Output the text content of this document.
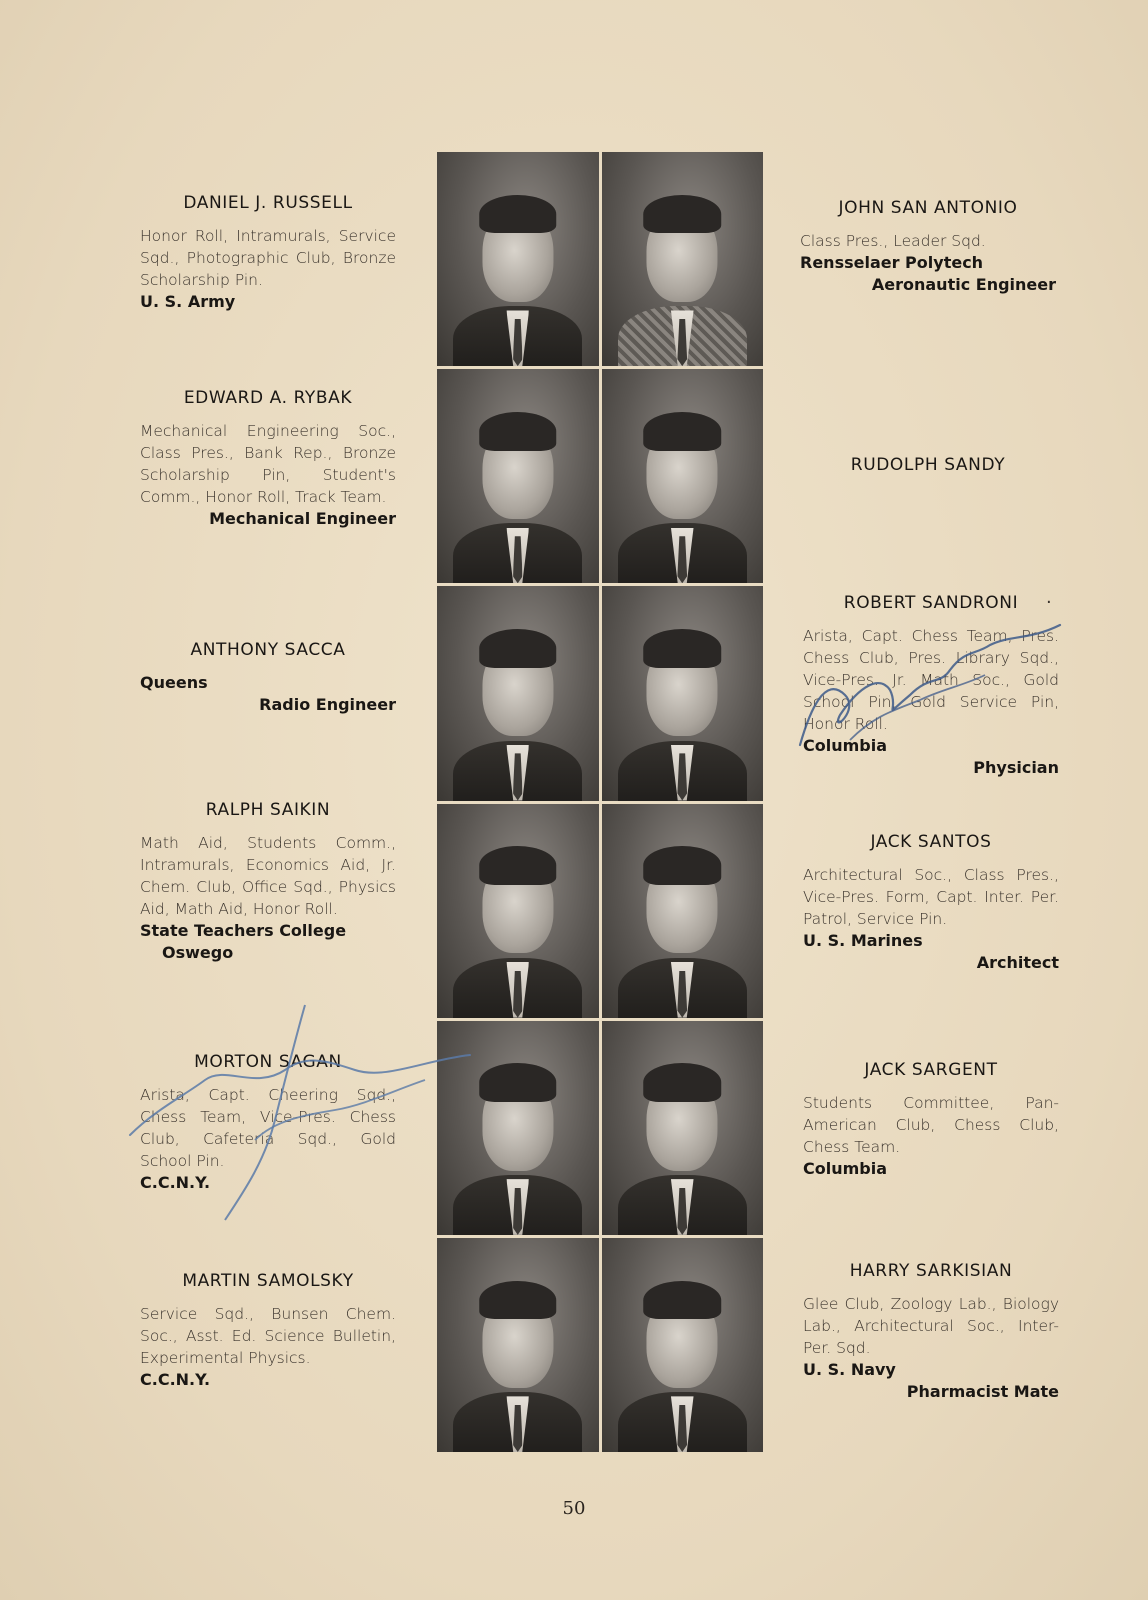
DANIEL J. RUSSELL
Honor Roll, Intramurals, Service Sqd., Photographic Club, Bronze Scholarship Pin.
U. S. Army
EDWARD A. RYBAK
Mechanical Engineering Soc., Class Pres., Bank Rep., Bronze Scholarship Pin, Student's Comm., Honor Roll, Track Team.
Mechanical Engineer
ANTHONY SACCA
Queens
Radio Engineer
RALPH SAIKIN
Math Aid, Students Comm., Intramurals, Economics Aid, Jr. Chem. Club, Office Sqd., Physics Aid, Math Aid, Honor Roll.
State Teachers College
Oswego
MORTON SAGAN
Arista, Capt. Cheering Sqd., Chess Team, Vice-Pres. Chess Club, Cafeteria Sqd., Gold School Pin.
C.C.N.Y.
MARTIN SAMOLSKY
Service Sqd., Bunsen Chem. Soc., Asst. Ed. Science Bulletin, Experimental Physics.
C.C.N.Y.
JOHN SAN ANTONIO
Class Pres., Leader Sqd.
Rensselaer Polytech
Aeronautic Engineer
RUDOLPH SANDY
ROBERT SANDRONI
Arista, Capt. Chess Team, Pres. Chess Club, Pres. Library Sqd., Vice-Pres. Jr. Math Soc., Gold School Pin, Gold Service Pin, Honor Roll.
Columbia
Physician
JACK SANTOS
Architectural Soc., Class Pres., Vice-Pres. Form, Capt. Inter. Per. Patrol, Service Pin.
U. S. Marines
Architect
JACK SARGENT
Students Committee, Pan-American Club, Chess Club, Chess Team.
Columbia
HARRY SARKISIAN
Glee Club, Zoology Lab., Biology Lab., Architectural Soc., Inter-Per. Sqd.
U. S. Navy
Pharmacist Mate
·
50
